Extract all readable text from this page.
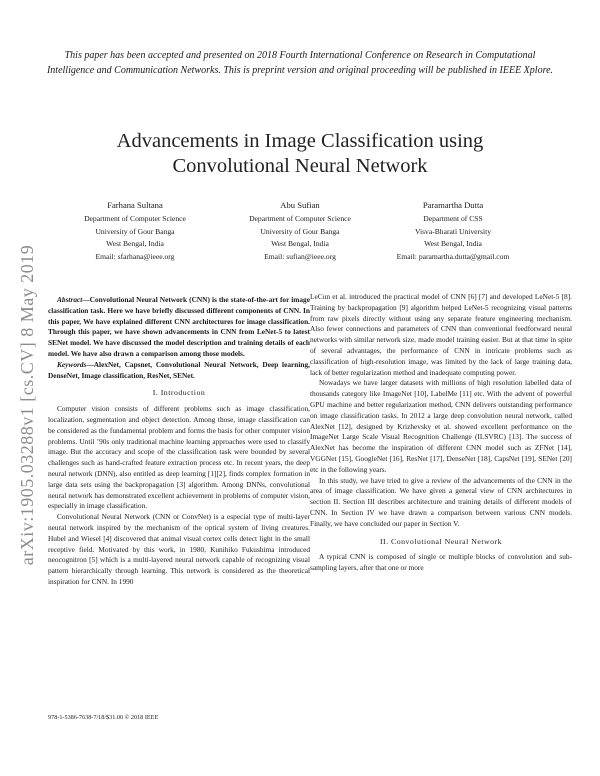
This paper has been accepted and presented on 2018 Fourth International Conference on Research in Computational Intelligence and Communication Networks. This is preprint version and original proceeding will be published in IEEE Xplore.
Advancements in Image Classification using
Convolutional Neural Network
Farhana Sultana
Department of Computer Science
University of Gour Banga
West Bengal, India
Email: sfarhana@ieee.org
Abu Sufian
Department of Computer Science
University of Gour Banga
West Bengal, India
Email: sufian@ieee.org
Paramartha Dutta
Department of CSS
Visva-Bharati University
West Bengal, India
Email: paramartha.dutta@gmail.com
arXiv:1905.03288v1 [cs.CV] 8 May 2019	Abstract—Convolutional Neural Network (CNN) is the state-of-the-art for image classification task. Here we have briefly discussed different components of CNN. In this paper, We have explained different CNN architectures for image classification. Through this paper, we have shown advancements in CNN from LeNet-5 to latest SENet model. We have discussed the model description and training details of each model. We have also drawn a comparison among those models.
Keywords—AlexNet, Capsnet, Convolutional Neural Network, Deep learning, DenseNet, Image classification, ResNet, SENet.
I. Introduction
Computer vision consists of different problems such as image classification, localization, segmentation and object detection. Among those, image classification can be considered as the fundamental problem and forms the basis for other computer vision problems. Until ’90s only traditional machine learning approaches were used to classify image. But the accuracy and scope of the classification task were bounded by several challenges such as hand-crafted feature extraction process etc. In recent years, the deep neural network (DNN), also entitled as deep learning [1][2], finds complex formation in large data sets using the backpropagation [3] algorithm. Among DNNs, convolutional neural network has demonstrated excellent achievement in problems of computer vision, especially in image classification.
Convolutional Neural Network (CNN or ConvNet) is a especial type of multi-layer neural network inspired by the mechanism of the optical system of living creatures. Hubel and Wiesel [4] discovered that animal visual cortex cells detect light in the small receptive field. Motivated by this work, in 1980, Kunihiko Fukushima introduced neocognitron [5] which is a multi-layered neural network capable of recognizing visual pattern hierarchically through learning. This network is considered as the theoretical inspiration for CNN. In 1990
LeCun et al. introduced the practical model of CNN [6] [7] and developed LeNet-5 [8]. Training by backpropagation [9] algorithm helped LeNet-5 recognizing visual patterns from raw pixels directly without using any separate feature engineering mechanism. Also fewer connections and parameters of CNN than conventional feedforward neural networks with similar network size, made model training easier. But at that time in spite of several advantages, the performance of CNN in intricate problems such as classification of high-resolution image, was limited by the lack of large training data, lack of better regularization method and inadequate computing power.
Nowadays we have larger datasets with millions of high resolution labelled data of thousands category like ImageNet [10], LabelMe [11] etc. With the advent of powerful GPU machine and better regularization method, CNN delivers outstanding performance on image classification tasks. In 2012 a large deep convolution neural network, called AlexNet [12], designed by Krizhevsky et al. showed excellent performance on the ImageNet Large Scale Visual Recognition Challenge (ILSVRC) [13]. The success of AlexNet has become the inspiration of different CNN model such as ZFNet [14], VGGNet [15], GoogleNet [16], ResNet [17], DenseNet [18], CapsNet [19], SENet [20] etc in the following years.
In this study, we have tried to give a review of the advancements of the CNN in the area of image classification. We have given a general view of CNN architectures in section II. Section III describes architecture and training details of different models of CNN. In Section IV we have drawn a comparison between various CNN models. Finally, we have concluded our paper in Section V.
II. Convolutional Neural Network
A typical CNN is composed of single or multiple blocks of convolution and sub-sampling layers, after that one or more
978-1-5386-7638-7/18/$31.00 © 2018 IEEE
